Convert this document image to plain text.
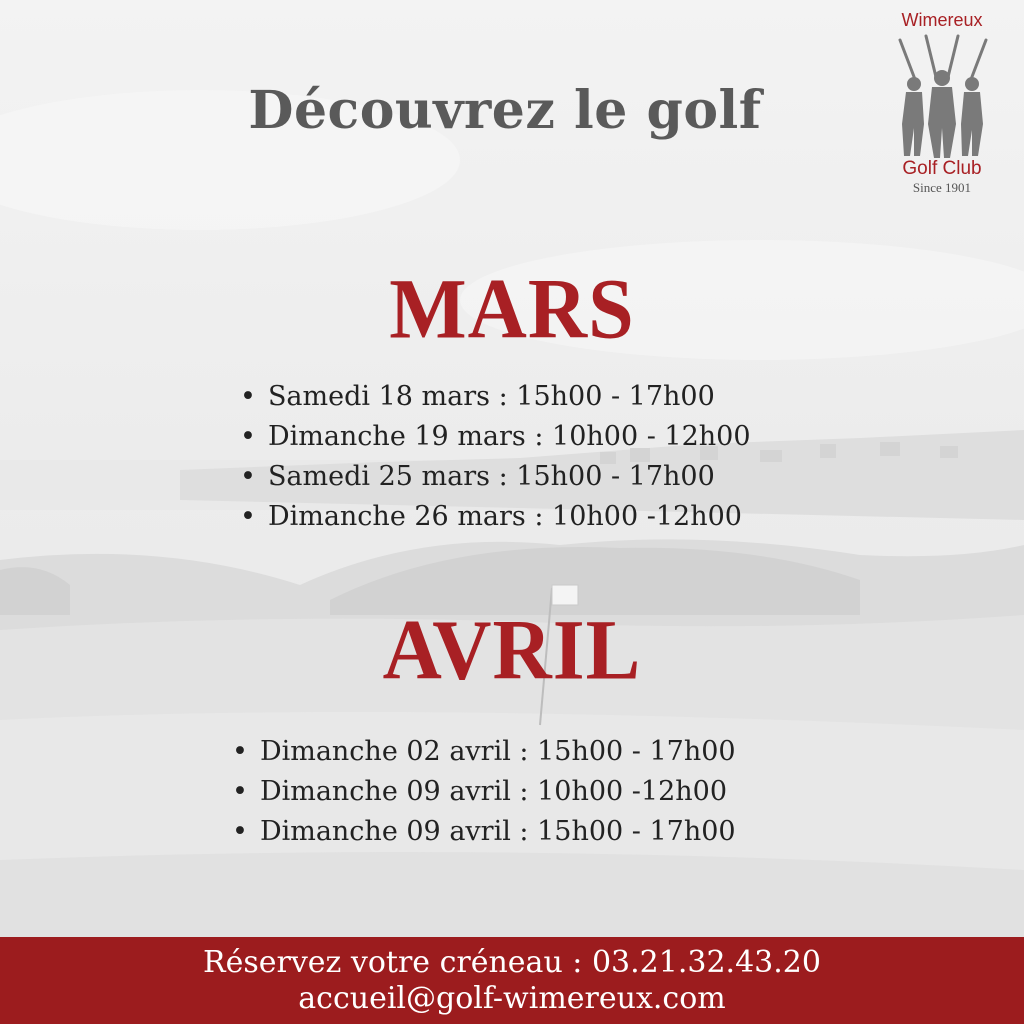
Découvrez le golf
Wimereux
Golf Club
Since 1901
MARS
• Samedi 18 mars : 15h00 - 17h00
• Dimanche 19 mars : 10h00 - 12h00
• Samedi 25 mars : 15h00 - 17h00
• Dimanche 26 mars : 10h00 -12h00
AVRIL
• Dimanche 02 avril : 15h00 - 17h00
• Dimanche 09 avril : 10h00 -12h00
• Dimanche 09 avril : 15h00 - 17h00
Réservez votre créneau : 03.21.32.43.20
accueil@golf-wimereux.com
